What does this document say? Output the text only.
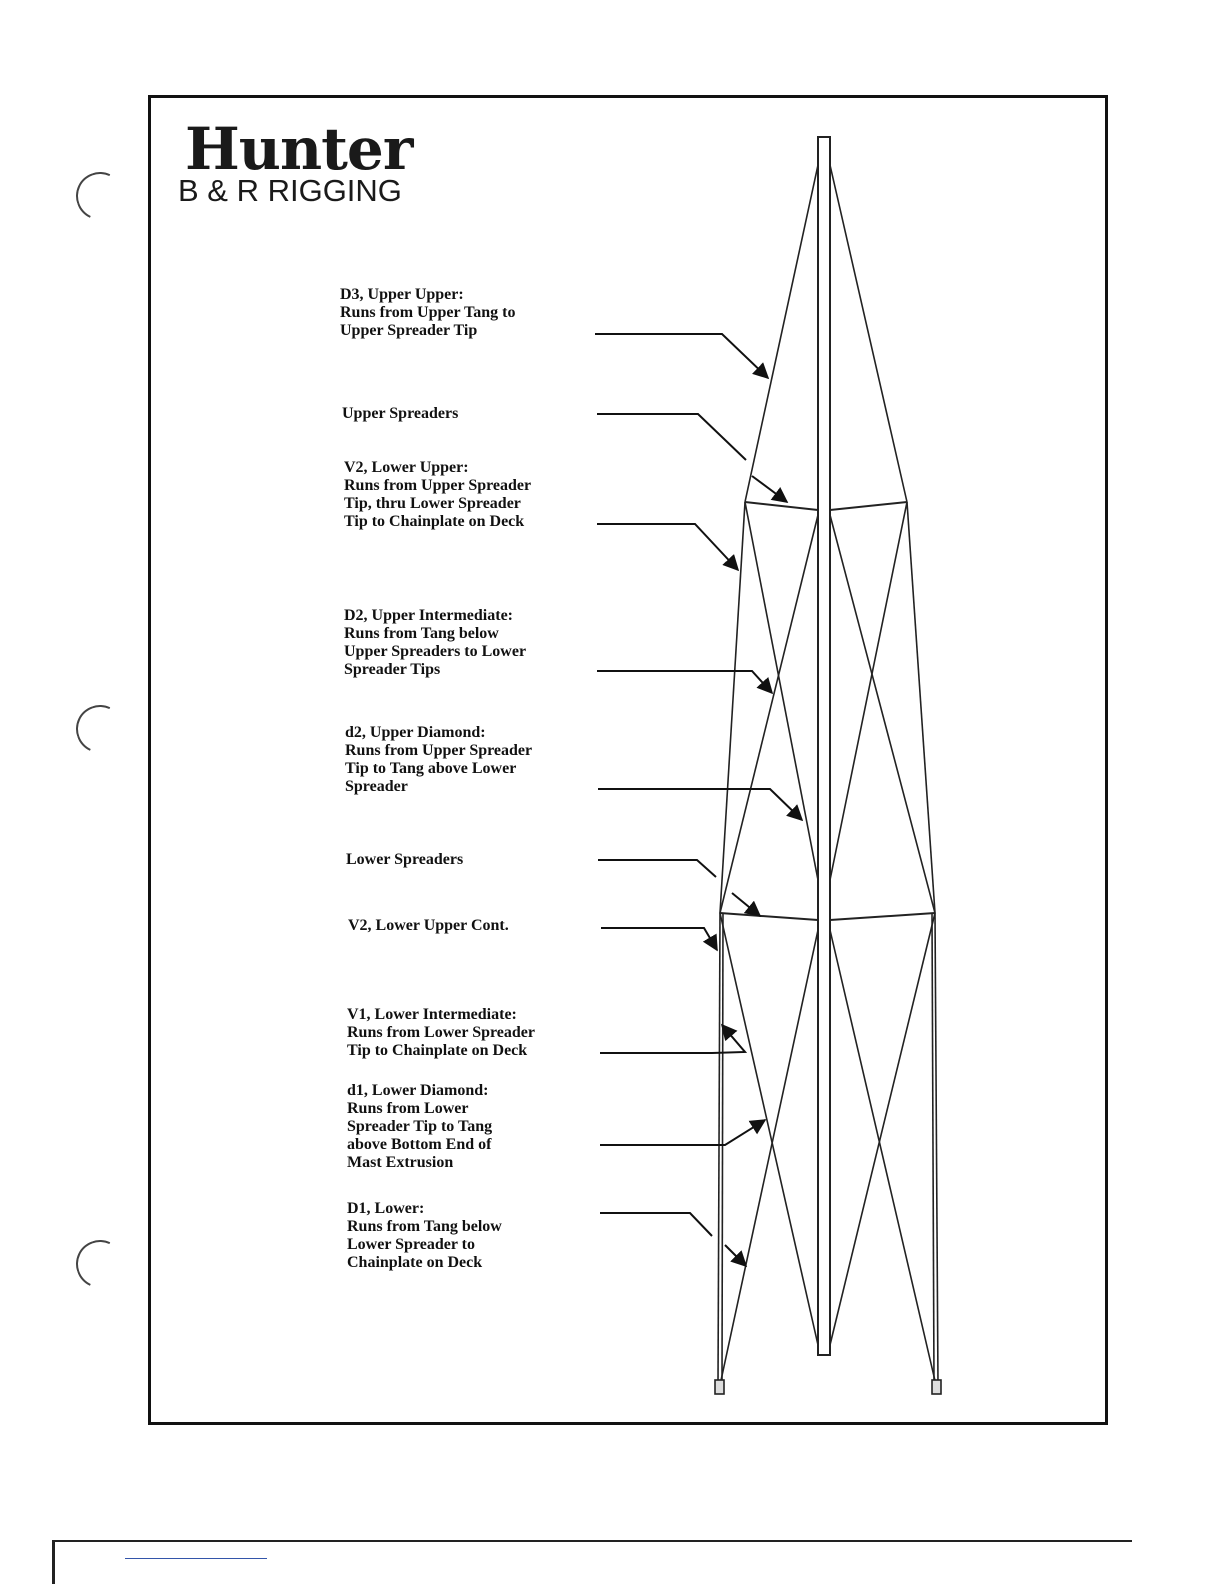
Hunter
B & R RIGGING
D3, Upper Upper:
Runs from Upper Tang to
Upper Spreader Tip
Upper Spreaders
V2, Lower Upper:
Runs from Upper Spreader
Tip, thru Lower Spreader
Tip to Chainplate on Deck
D2, Upper Intermediate:
Runs from Tang below
Upper Spreaders to Lower
Spreader Tips
d2, Upper Diamond:
Runs from Upper Spreader
Tip to Tang above Lower
Spreader
Lower Spreaders
V2, Lower Upper Cont.
V1, Lower Intermediate:
Runs from Lower Spreader
Tip to Chainplate on Deck
d1, Lower Diamond:
Runs from Lower
Spreader Tip to Tang
above Bottom End of
Mast Extrusion
D1, Lower:
Runs from Tang below
Lower Spreader to
Chainplate on Deck
